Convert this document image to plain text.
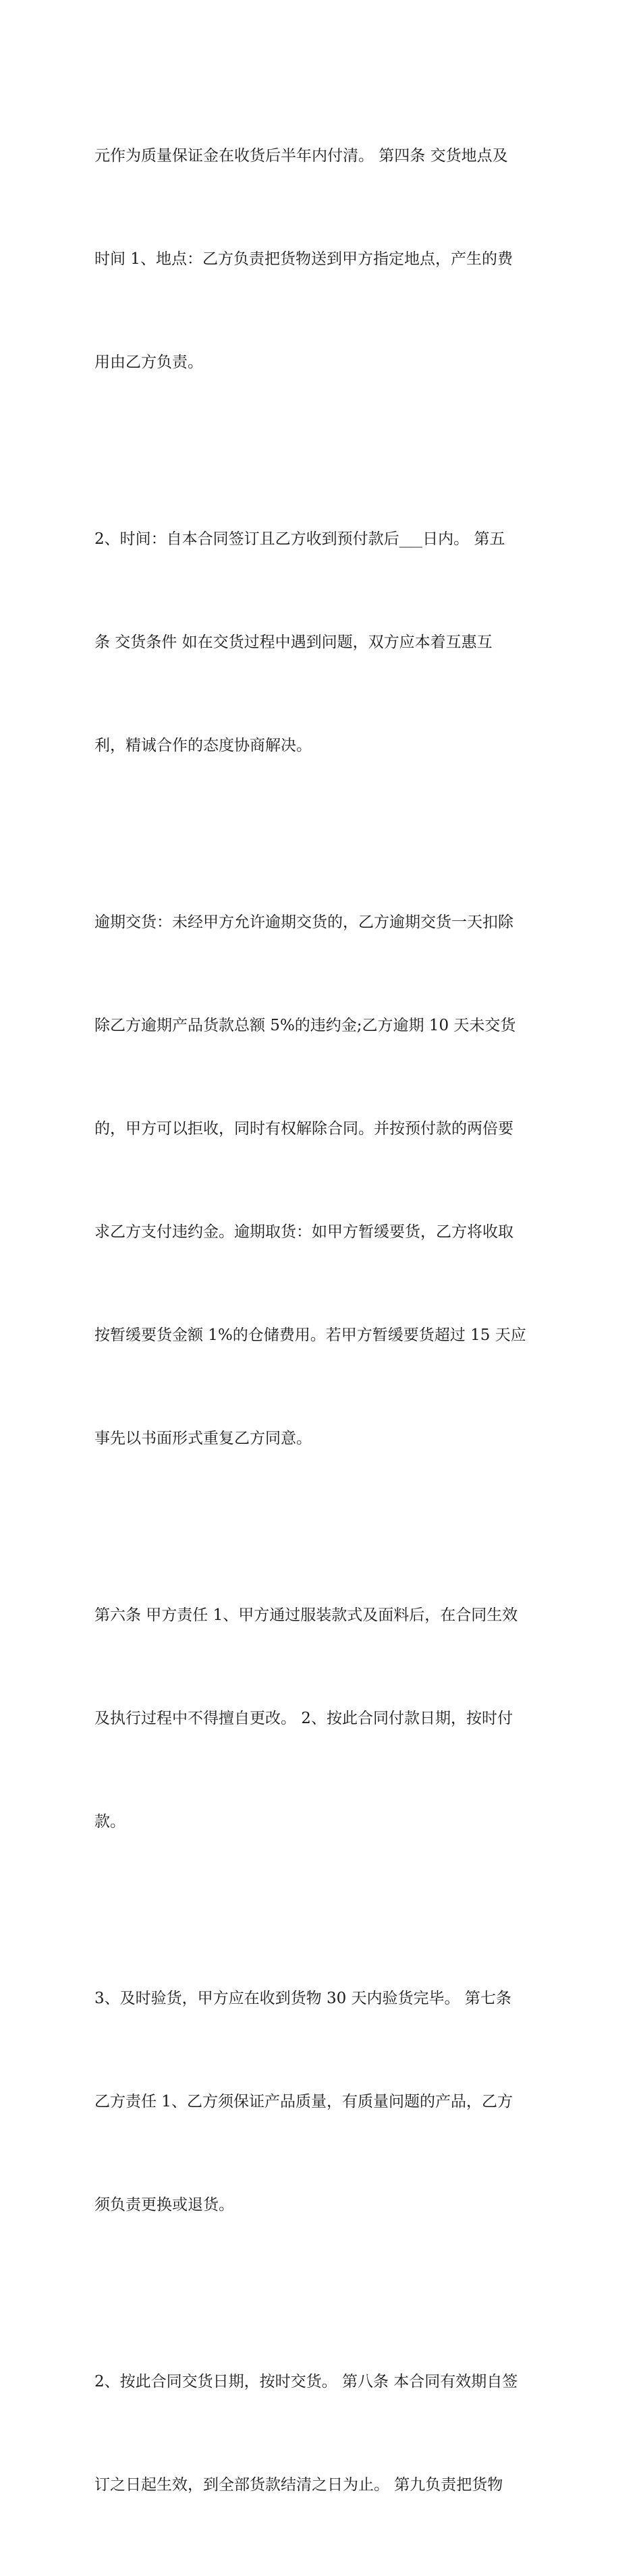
元作为质量保证金在收货后半年内付清。 第四条 交货地点及

时间 1、地点：乙方负责把货物送到甲方指定地点，产生的费

用由乙方负责。

2、时间：自本合同签订且乙方收到预付款后___日内。 第五

条 交货条件 如在交货过程中遇到问题，双方应本着互惠互

利，精诚合作的态度协商解决。

逾期交货：未经甲方允许逾期交货的，乙方逾期交货一天扣除

除乙方逾期产品货款总额 5%的违约金;乙方逾期 10 天未交货

的，甲方可以拒收，同时有权解除合同。并按预付款的两倍要

求乙方支付违约金。逾期取货：如甲方暂缓要货，乙方将收取

按暂缓要货金额 1%的仓储费用。若甲方暂缓要货超过 15 天应

事先以书面形式重复乙方同意。

第六条 甲方责任 1、甲方通过服装款式及面料后，在合同生效

及执行过程中不得擅自更改。 2、按此合同付款日期，按时付

款。

3、及时验货，甲方应在收到货物 30 天内验货完毕。 第七条

乙方责任 1、乙方须保证产品质量，有质量问题的产品，乙方

须负责更换或退货。

2、按此合同交货日期，按时交货。 第八条 本合同有效期自签

订之日起生效，到全部货款结清之日为止。 第九负责把货物
